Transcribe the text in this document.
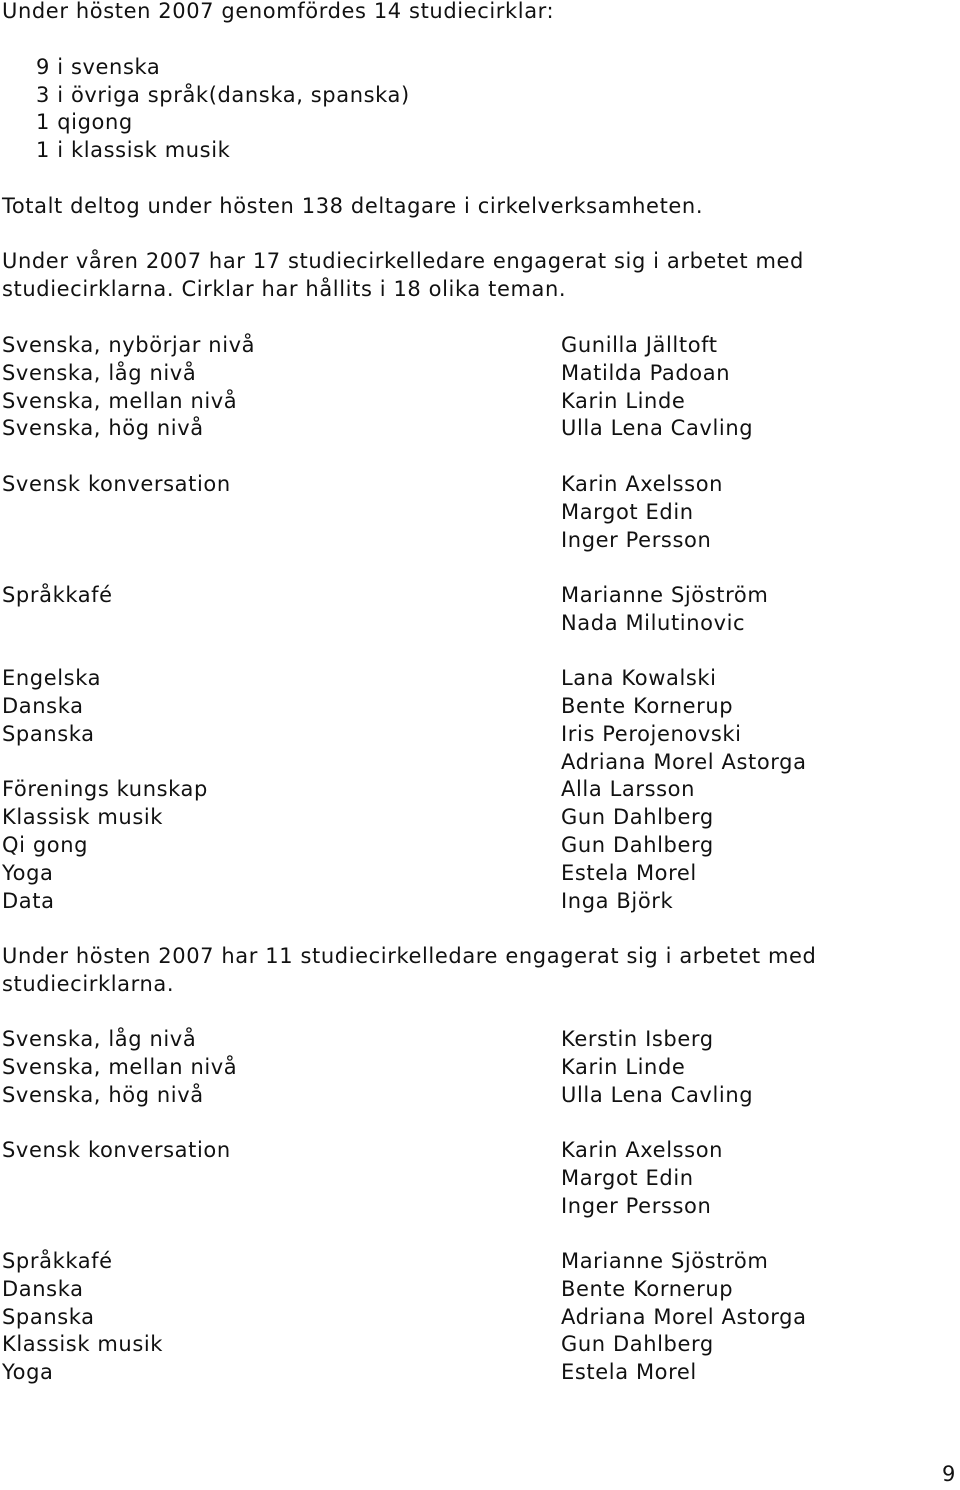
Under hösten 2007 genomfördes 14 studiecirklar:
9 i svenska
3 i övriga språk(danska, spanska)
1 qigong
1 i klassisk musik
Totalt deltog under hösten 138 deltagare i cirkelverksamheten.
Under våren 2007 har 17 studiecirkelledare engagerat sig i arbetet med
studiecirklarna. Cirklar har hållits i 18 olika teman.
Svenska, nybörjar nivå	Gunilla Jälltoft
Svenska, låg nivå	Matilda Padoan
Svenska, mellan nivå	Karin Linde
Svenska, hög nivå	Ulla Lena Cavling
Svensk konversation	Karin Axelsson
Margot Edin
Inger Persson
Språkkafé	Marianne Sjöström
Nada Milutinovic
Engelska	Lana Kowalski
Danska	Bente Kornerup
Spanska	Iris Perojenovski
Adriana Morel Astorga
Förenings kunskap	Alla Larsson
Klassisk musik	Gun Dahlberg
Qi gong	Gun Dahlberg
Yoga	Estela Morel
Data	Inga Björk
Under hösten 2007 har 11 studiecirkelledare engagerat sig i arbetet med
studiecirklarna.
Svenska, låg nivå	Kerstin Isberg
Svenska, mellan nivå	Karin Linde
Svenska, hög nivå	Ulla Lena Cavling
Svensk konversation	Karin Axelsson
Margot Edin
Inger Persson
Språkkafé	Marianne Sjöström
Danska	Bente Kornerup
Spanska	Adriana Morel Astorga
Klassisk musik	Gun Dahlberg
Yoga	Estela Morel
9
